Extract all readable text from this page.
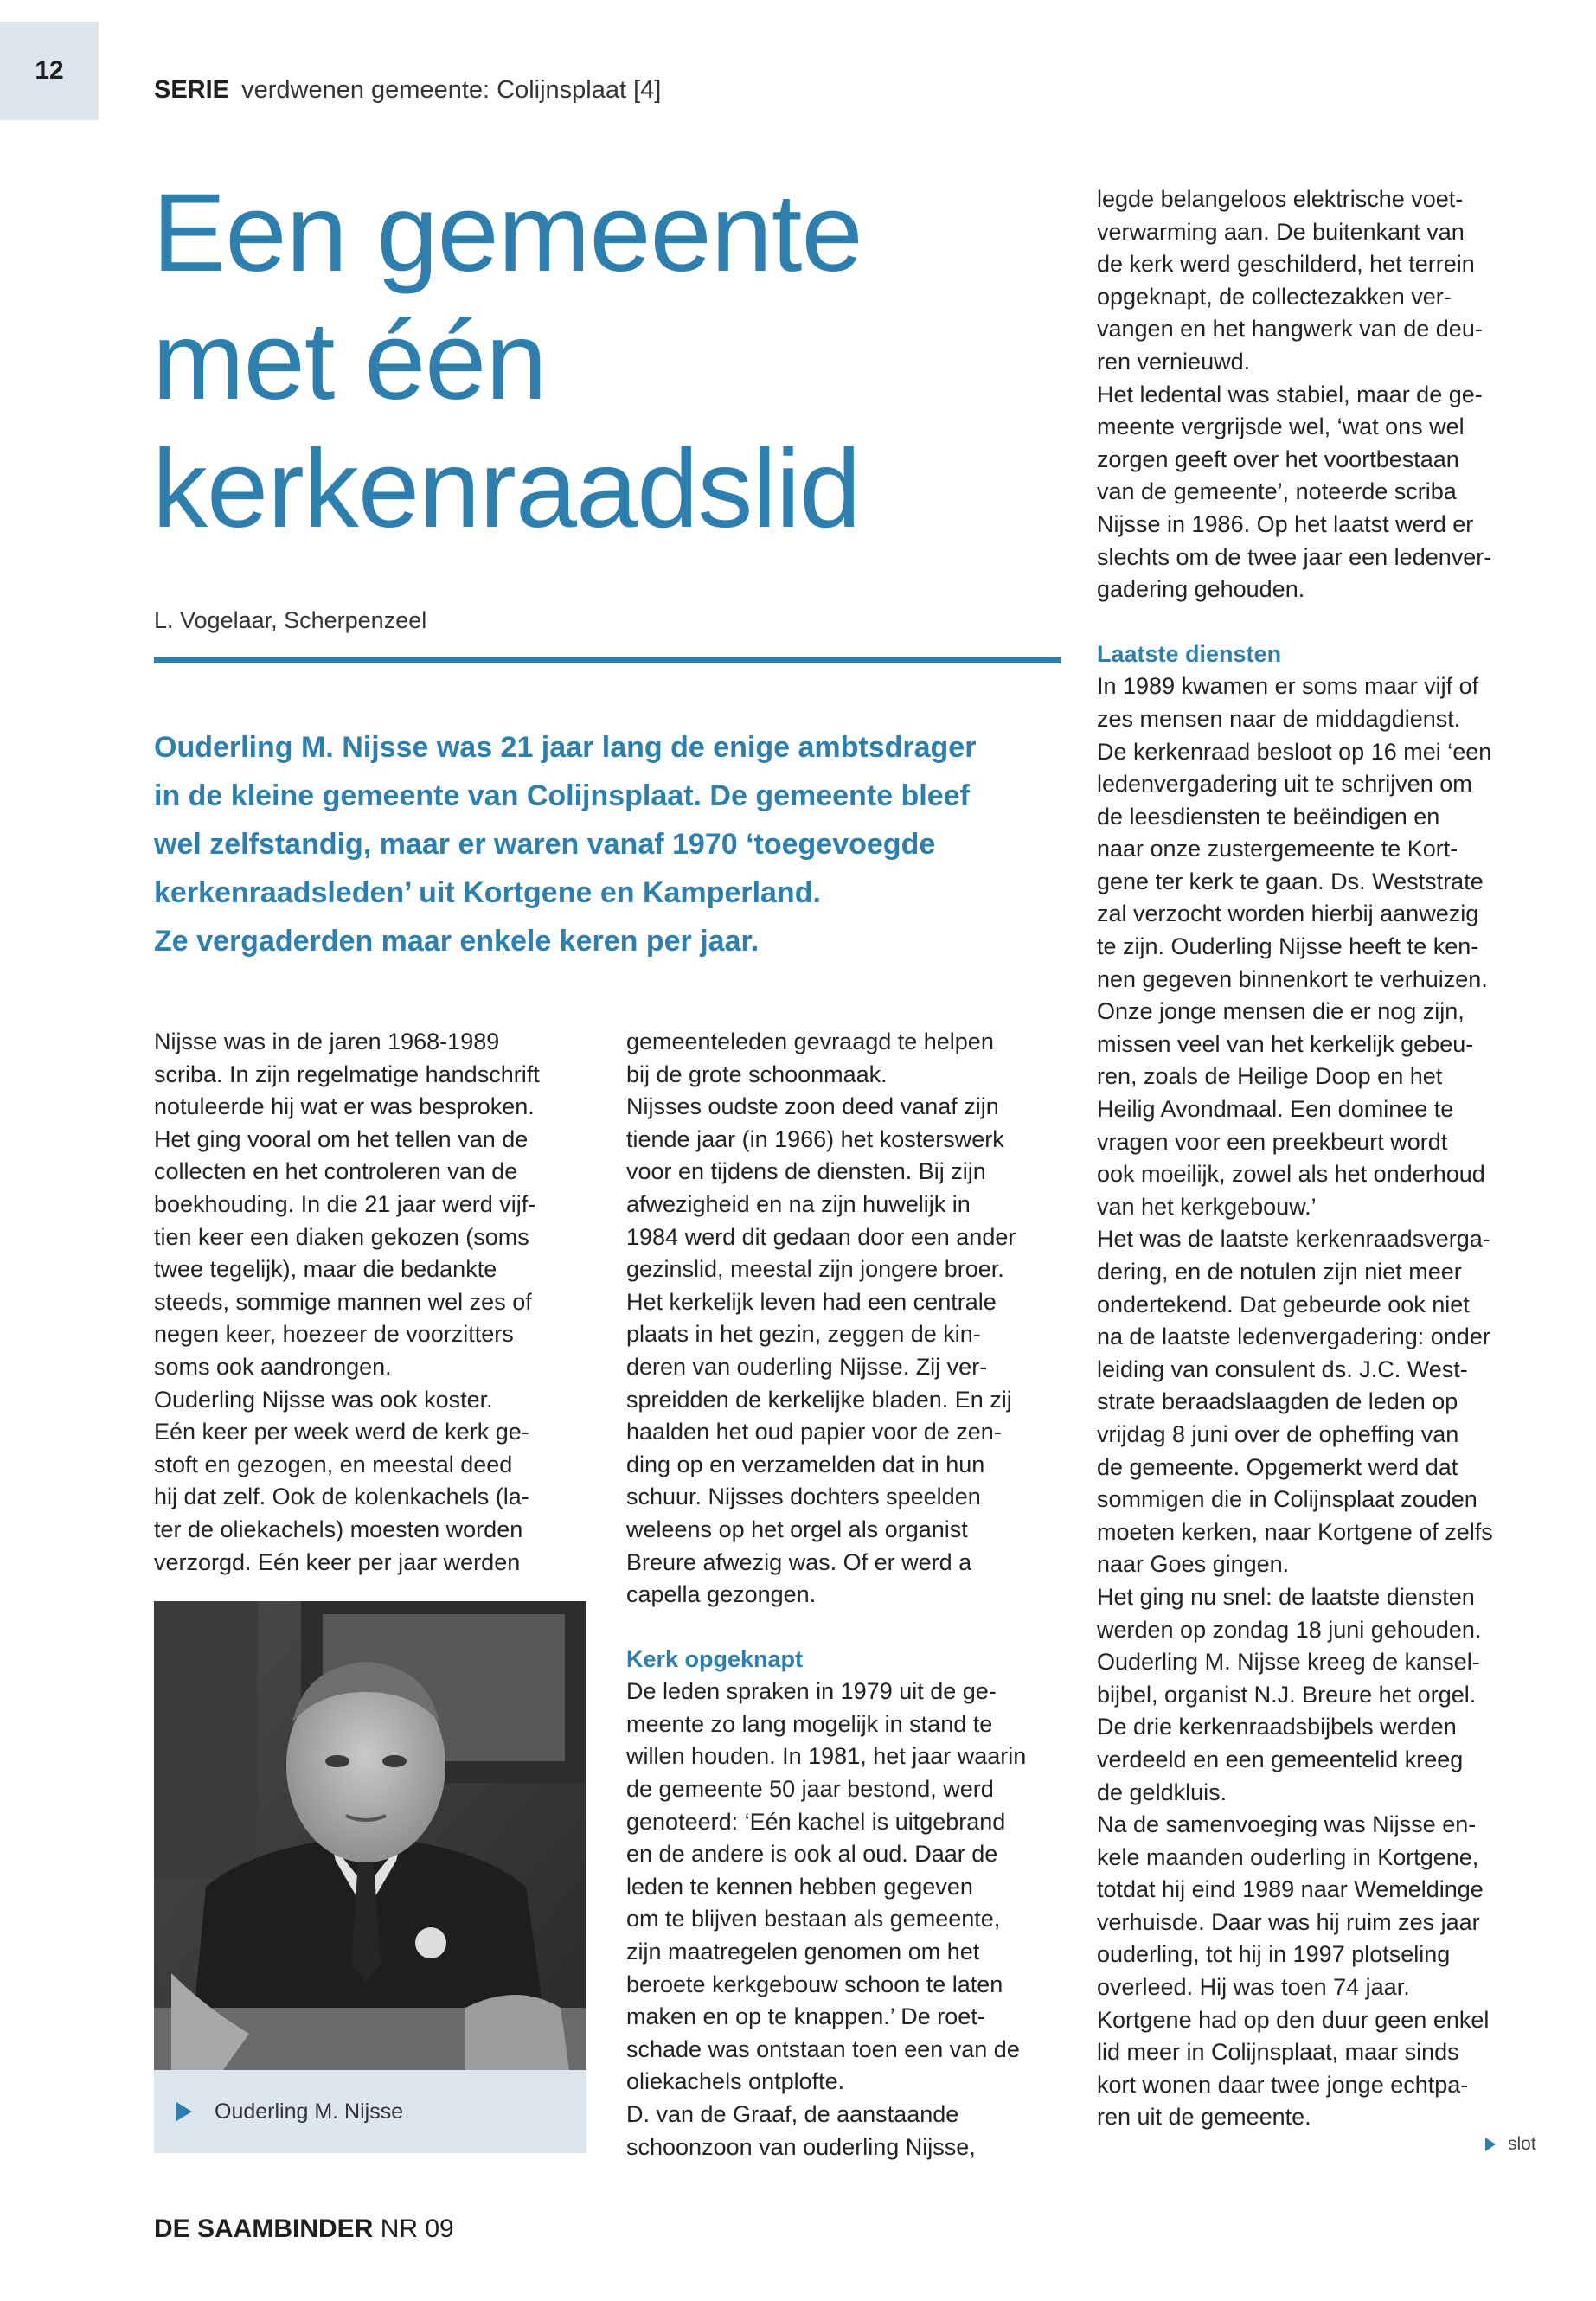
12
SERIE verdwenen gemeente: Colijnsplaat [4]
Een gemeente
met één
kerkenraadslid
L. Vogelaar, Scherpenzeel
Ouderling M. Nijsse was 21 jaar lang de enige ambtsdrager
in de kleine gemeente van Colijnsplaat. De gemeente bleef
wel zelfstandig, maar er waren vanaf 1970 ‘toegevoegde
kerkenraadsleden’ uit Kortgene en Kamperland.
Ze vergaderden maar enkele keren per jaar.
Nijsse was in de jaren 1968-1989
scriba. In zijn regelmatige handschrift
notuleerde hij wat er was besproken.
Het ging vooral om het tellen van de
collecten en het controleren van de
boekhouding. In die 21 jaar werd vijf-
tien keer een diaken gekozen (soms
twee tegelijk), maar die bedankte
steeds, sommige mannen wel zes of
negen keer, hoezeer de voorzitters
soms ook aandrongen.
Ouderling Nijsse was ook koster.
Eén keer per week werd de kerk ge-
stoft en gezogen, en meestal deed
hij dat zelf. Ook de kolenkachels (la-
ter de oliekachels) moesten worden
verzorgd. Eén keer per jaar werden
Ouderling M. Nijsse
gemeenteleden gevraagd te helpen
bij de grote schoonmaak.
Nijsses oudste zoon deed vanaf zijn
tiende jaar (in 1966) het kosterswerk
voor en tijdens de diensten. Bij zijn
afwezigheid en na zijn huwelijk in
1984 werd dit gedaan door een ander
gezinslid, meestal zijn jongere broer.
Het kerkelijk leven had een centrale
plaats in het gezin, zeggen de kin-
deren van ouderling Nijsse. Zij ver-
spreidden de kerkelijke bladen. En zij
haalden het oud papier voor de zen-
ding op en verzamelden dat in hun
schuur. Nijsses dochters speelden
weleens op het orgel als organist
Breure afwezig was. Of er werd a
capella gezongen.
Kerk opgeknapt
De leden spraken in 1979 uit de ge-
meente zo lang mogelijk in stand te
willen houden. In 1981, het jaar waarin
de gemeente 50 jaar bestond, werd
genoteerd: ‘Eén kachel is uitgebrand
en de andere is ook al oud. Daar de
leden te kennen hebben gegeven
om te blijven bestaan als gemeente,
zijn maatregelen genomen om het
beroete kerkgebouw schoon te laten
maken en op te knappen.’ De roet-
schade was ontstaan toen een van de
oliekachels ontplofte.
D. van de Graaf, de aanstaande
schoonzoon van ouderling Nijsse,
legde belangeloos elektrische voet-
verwarming aan. De buitenkant van
de kerk werd geschilderd, het terrein
opgeknapt, de collectezakken ver-
vangen en het hangwerk van de deu-
ren vernieuwd.
Het ledental was stabiel, maar de ge-
meente vergrijsde wel, ‘wat ons wel
zorgen geeft over het voortbestaan
van de gemeente’, noteerde scriba
Nijsse in 1986. Op het laatst werd er
slechts om de twee jaar een ledenver-
gadering gehouden.
Laatste diensten
In 1989 kwamen er soms maar vijf of
zes mensen naar de middagdienst.
De kerkenraad besloot op 16 mei ‘een
ledenvergadering uit te schrijven om
de leesdiensten te beëindigen en
naar onze zustergemeente te Kort-
gene ter kerk te gaan. Ds. Weststrate
zal verzocht worden hierbij aanwezig
te zijn. Ouderling Nijsse heeft te ken-
nen gegeven binnenkort te verhuizen.
Onze jonge mensen die er nog zijn,
missen veel van het kerkelijk gebeu-
ren, zoals de Heilige Doop en het
Heilig Avondmaal. Een dominee te
vragen voor een preekbeurt wordt
ook moeilijk, zowel als het onderhoud
van het kerkgebouw.’
Het was de laatste kerkenraadsverga-
dering, en de notulen zijn niet meer
ondertekend. Dat gebeurde ook niet
na de laatste ledenvergadering: onder
leiding van consulent ds. J.C. West-
strate beraadslaagden de leden op
vrijdag 8 juni over de opheffing van
de gemeente. Opgemerkt werd dat
sommigen die in Colijnsplaat zouden
moeten kerken, naar Kortgene of zelfs
naar Goes gingen.
Het ging nu snel: de laatste diensten
werden op zondag 18 juni gehouden.
Ouderling M. Nijsse kreeg de kansel-
bijbel, organist N.J. Breure het orgel.
De drie kerkenraadsbijbels werden
verdeeld en een gemeentelid kreeg
de geldkluis.
Na de samenvoeging was Nijsse en-
kele maanden ouderling in Kortgene,
totdat hij eind 1989 naar Wemeldinge
verhuisde. Daar was hij ruim zes jaar
ouderling, tot hij in 1997 plotseling
overleed. Hij was toen 74 jaar.
Kortgene had op den duur geen enkel
lid meer in Colijnsplaat, maar sinds
kort wonen daar twee jonge echtpa-
ren uit de gemeente.
slot
DE SAAMBINDER NR 09
